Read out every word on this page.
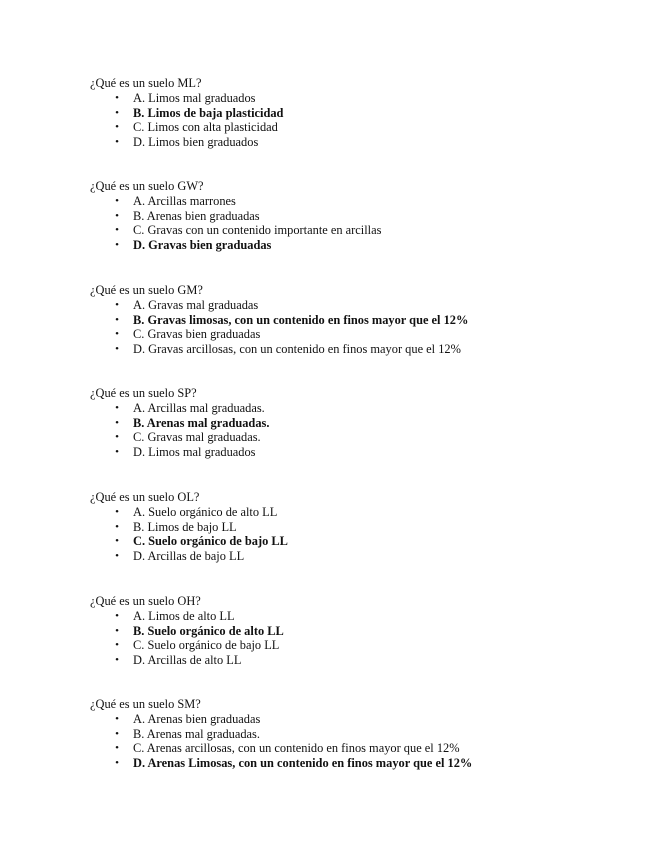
¿Qué es un suelo ML?
• A. Limos mal graduados
• B. Limos de baja plasticidad
• C. Limos con alta plasticidad
• D. Limos bien graduados
¿Qué es un suelo GW?
• A. Arcillas marrones
• B. Arenas bien graduadas
• C. Gravas con un contenido importante en arcillas
• D. Gravas bien graduadas
¿Qué es un suelo GM?
• A. Gravas mal graduadas
• B. Gravas limosas, con un contenido en finos mayor que el 12%
• C. Gravas bien graduadas
• D. Gravas arcillosas, con un contenido en finos mayor que el 12%
¿Qué es un suelo SP?
• A. Arcillas mal graduadas.
• B. Arenas mal graduadas.
• C. Gravas mal graduadas.
• D. Limos mal graduados
¿Qué es un suelo OL?
• A. Suelo orgánico de alto LL
• B. Limos de bajo LL
• C. Suelo orgánico de bajo LL
• D. Arcillas de bajo LL
¿Qué es un suelo OH?
• A. Limos de alto LL
• B. Suelo orgánico de alto LL
• C. Suelo orgánico de bajo LL
• D. Arcillas de alto LL
¿Qué es un suelo SM?
• A. Arenas bien graduadas
• B. Arenas mal graduadas.
• C. Arenas arcillosas, con un contenido en finos mayor que el 12%
• D. Arenas Limosas, con un contenido en finos mayor que el 12%
